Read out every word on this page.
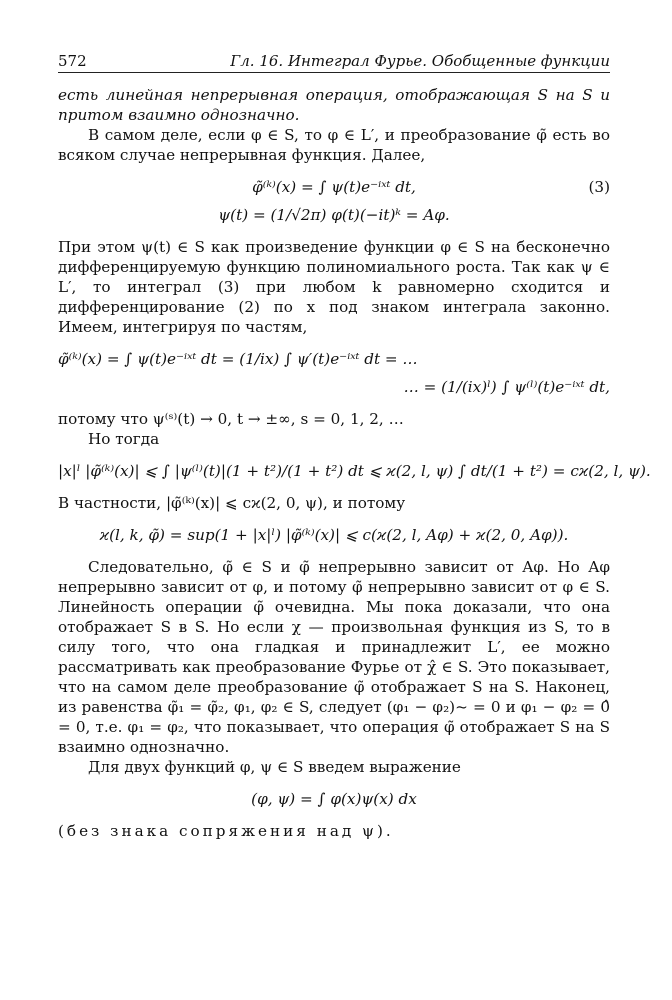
572	Гл. 16. Интеграл Фурье. Обобщенные функции

есть линейная непрерывная операция, отображающая S на S и притом взаимно однозначно.

В самом деле, если φ ∈ S, то φ ∈ L′, и преобразование φ̃ есть во всяком случае непрерывная функция. Далее,

φ̃⁽ᵏ⁾(x) = ∫ ψ(t)e⁻ⁱˣᵗ dt,	(3)
ψ(t) = (1/√2π) φ(t)(−it)ᵏ = Aφ.

При этом ψ(t) ∈ S как произведение функции φ ∈ S на бесконечно дифференцируемую функцию полиномиального роста. Так как ψ ∈ L′, то интеграл (3) при любом k равномерно сходится и дифференцирование (2) по x под знаком интеграла законно. Имеем, интегрируя по частям,

φ̃⁽ᵏ⁾(x) = ∫ ψ(t)e⁻ⁱˣᵗ dt = (1/ix) ∫ ψ′(t)e⁻ⁱˣᵗ dt = …
… = (1/(ix)ˡ) ∫ ψ⁽ˡ⁾(t)e⁻ⁱˣᵗ dt,

потому что ψ⁽ˢ⁾(t) → 0, t → ±∞, s = 0, 1, 2, …

Но тогда

|x|ˡ |φ̃⁽ᵏ⁾(x)| ⩽ ∫ |ψ⁽ˡ⁾(t)|(1 + t²)/(1 + t²) dt ⩽ ϰ(2, l, ψ) ∫ dt/(1 + t²) = cϰ(2, l, ψ).

В частности, |φ̃⁽ᵏ⁾(x)| ⩽ cϰ(2, 0, ψ), и потому

ϰ(l, k, φ̃) = sup(1 + |x|ˡ) |φ̃⁽ᵏ⁾(x)| ⩽ c(ϰ(2, l, Aφ) + ϰ(2, 0, Aφ)).

Следовательно, φ̃ ∈ S и φ̃ непрерывно зависит от Aφ. Но Aφ непрерывно зависит от φ, и потому φ̃ непрерывно зависит от φ ∈ S. Линейность операции φ̃ очевидна. Мы пока доказали, что она отображает S в S. Но если χ — произвольная функция из S, то в силу того, что она гладкая и принадлежит L′, ее можно рассматривать как преобразование Фурье от χ̂ ∈ S. Это показывает, что на самом деле преобразование φ̃ отображает S на S. Наконец, из равенства φ̃₁ = φ̃₂, φ₁, φ₂ ∈ S, следует (φ₁ − φ₂)~ = 0 и φ₁ − φ₂ = 0̂ = 0, т.е. φ₁ = φ₂, что показывает, что операция φ̃ отображает S на S взаимно однозначно.

Для двух функций φ, ψ ∈ S введем выражение

(φ, ψ) = ∫ φ(x)ψ(x) dx

(без знака сопряжения над ψ).
